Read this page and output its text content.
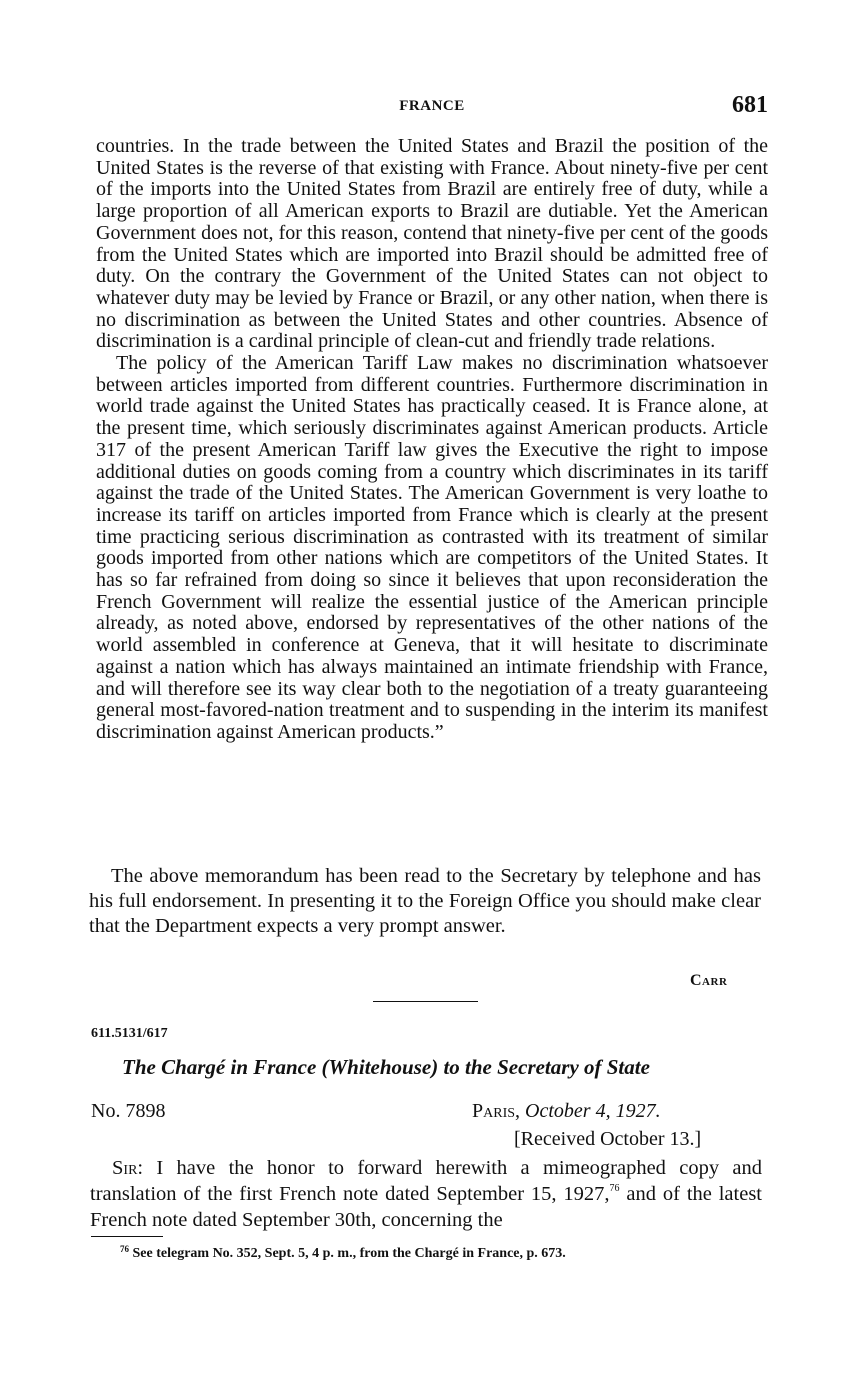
FRANCE	681

countries. In the trade between the United States and Brazil the position of the United States is the reverse of that existing with France. About ninety-five per cent of the imports into the United States from Brazil are entirely free of duty, while a large proportion of all American exports to Brazil are dutiable. Yet the American Government does not, for this reason, contend that ninety-five per cent of the goods from the United States which are imported into Brazil should be admitted free of duty. On the contrary the Government of the United States can not object to whatever duty may be levied by France or Brazil, or any other nation, when there is no discrimination as between the United States and other countries. Absence of discrimination is a cardinal principle of clean-cut and friendly trade relations.

The policy of the American Tariff Law makes no discrimination whatsoever between articles imported from different countries. Furthermore discrimination in world trade against the United States has practically ceased. It is France alone, at the present time, which seriously discriminates against American products. Article 317 of the present American Tariff law gives the Executive the right to impose additional duties on goods coming from a country which discriminates in its tariff against the trade of the United States. The American Government is very loathe to increase its tariff on articles imported from France which is clearly at the present time practicing serious discrimination as contrasted with its treatment of similar goods imported from other nations which are competitors of the United States. It has so far refrained from doing so since it believes that upon reconsideration the French Government will realize the essential justice of the American principle already, as noted above, endorsed by representatives of the other nations of the world assembled in conference at Geneva, that it will hesitate to discriminate against a nation which has always maintained an intimate friendship with France, and will therefore see its way clear both to the negotiation of a treaty guaranteeing general most-favored-nation treatment and to suspending in the interim its manifest discrimination against American products.”

The above memorandum has been read to the Secretary by telephone and has his full endorsement. In presenting it to the Foreign Office you should make clear that the Department expects a very prompt answer.
Carr
611.5131/617
The Chargé in France (Whitehouse) to the Secretary of State
No. 7898	Paris, October 4, 1927.
[Received October 13.]
Sir: I have the honor to forward herewith a mimeographed copy and translation of the first French note dated September 15, 1927,76 and of the latest French note dated September 30th, concerning the
$^{76}$ See telegram No. 352, Sept. 5, 4 p. m., from the Chargé in France, p. 673.
